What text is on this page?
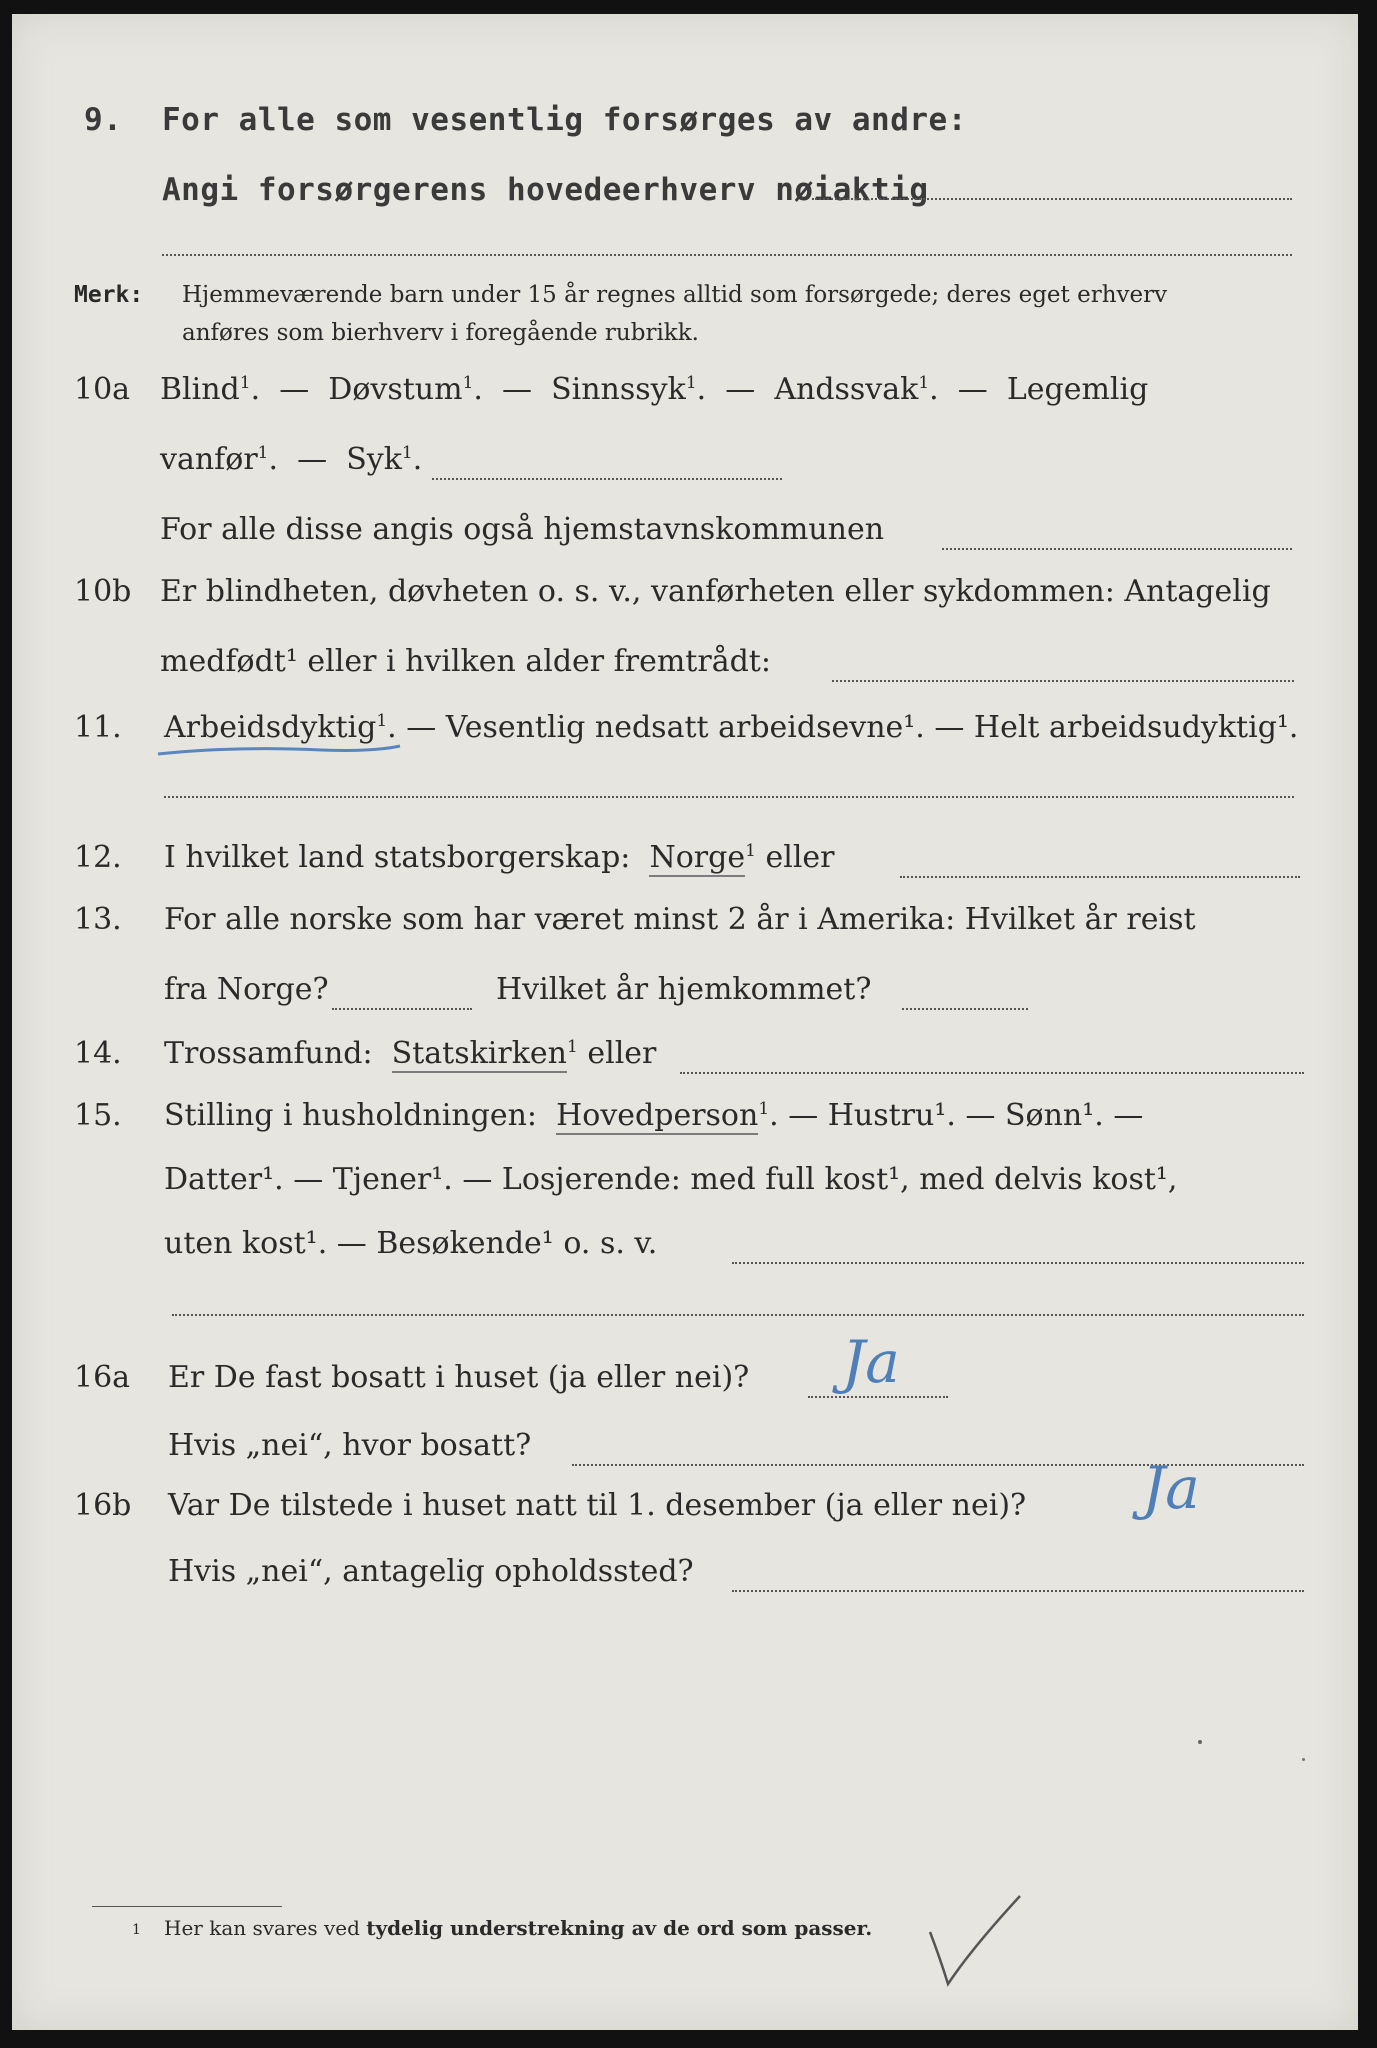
9. For alle som vesentlig forsørges av andre:
Angi forsørgerens hovedeerhverv nøiaktig
Merk: Hjemmeværende barn under 15 år regnes alltid som forsørgede; deres eget erhverv
anføres som bierhverv i foregående rubrikk.
10a Blind$^1$.  —  Døvstum$^1$.  —  Sinnssyk$^1$.  —  Andssvak$^1$.  —  Legemlig
vanfør$^1$.  —  Syk$^1$.
For alle disse angis også hjemstavnskommunen
10b Er blindheten, døvheten o. s. v., vanførheten eller sykdommen: Antagelig
medfødt¹ eller i hvilken alder fremtrådt:
11. Arbeidsdyktig$^1$. — Vesentlig nedsatt arbeidsevne¹. — Helt arbeidsudyktig¹.
12. I hvilket land statsborgerskap: Norge$^1$ eller
13. For alle norske som har været minst 2 år i Amerika: Hvilket år reist
fra Norge?	Hvilket år hjemkommet?
14. Trossamfund: Statskirken$^1$ eller
15. Stilling i husholdningen: Hovedperson$^1$. — Hustru¹. — Sønn¹. —
Datter¹. — Tjener¹. — Losjerende: med full kost¹, med delvis kost¹,
uten kost¹. — Besøkende¹ o. s. v.
16a Er De fast bosatt i huset (ja eller nei)? Ja
Hvis „nei“, hvor bosatt?
16b Var De tilstede i huset natt til 1. desember (ja eller nei)? Ja
Hvis „nei“, antagelig opholdssted?
1 Her kan svares ved tydelig understrekning av de ord som passer.
